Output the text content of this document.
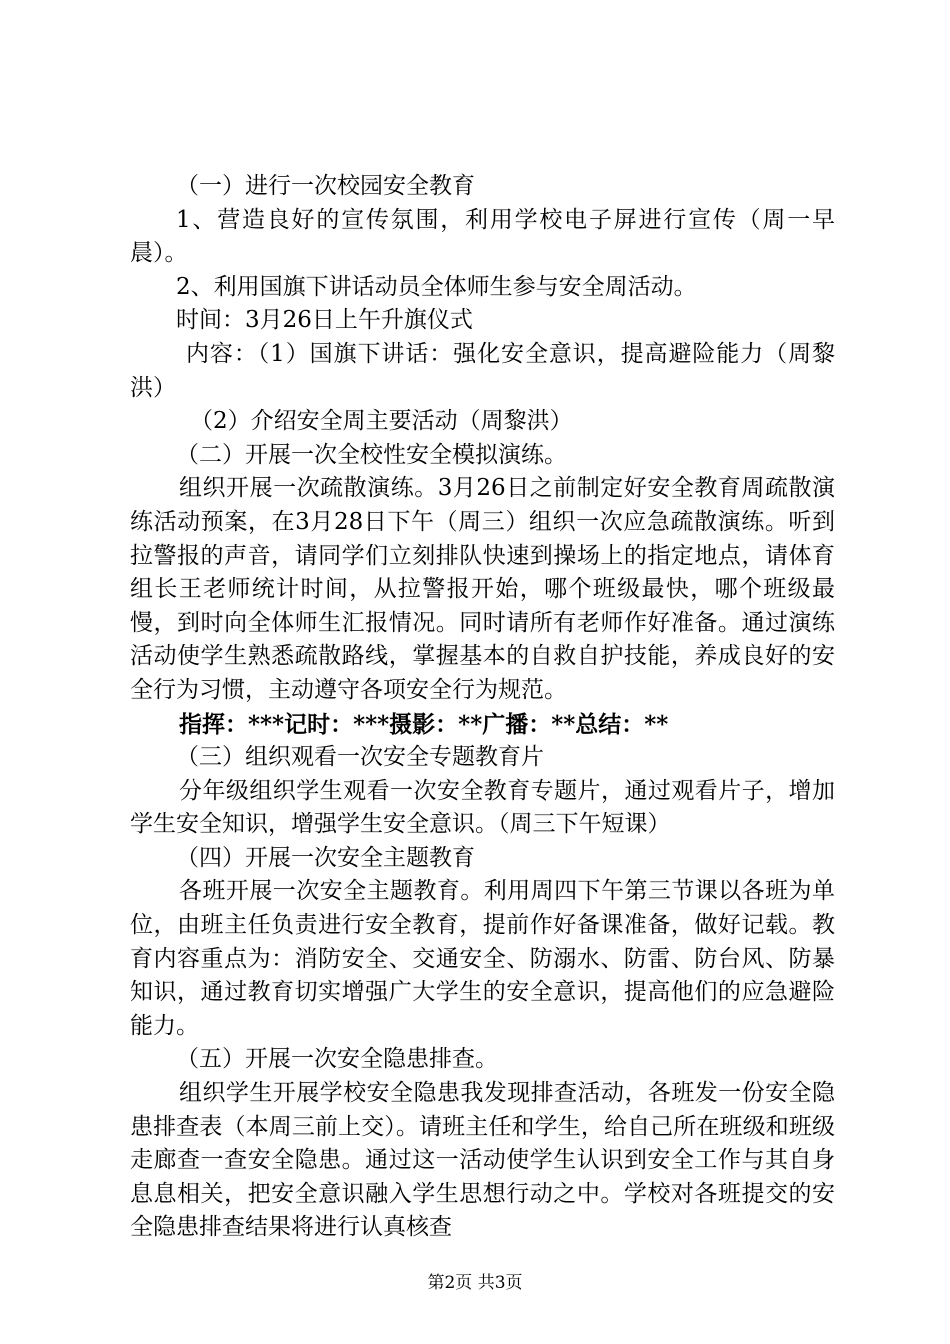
（一）进行一次校园安全教育

1、营造良好的宣传氛围，利用学校电子屏进行宣传（周一早晨）。

2、利用国旗下讲话动员全体师生参与安全周活动。

时间：3月26日上午升旗仪式

内容：（1）国旗下讲话：强化安全意识，提高避险能力（周黎洪）

（2）介绍安全周主要活动（周黎洪）

（二）开展一次全校性安全模拟演练。

组织开展一次疏散演练。3月26日之前制定好安全教育周疏散演练活动预案，在3月28日下午（周三）组织一次应急疏散演练。听到拉警报的声音，请同学们立刻排队快速到操场上的指定地点，请体育组长王老师统计时间，从拉警报开始，哪个班级最快，哪个班级最慢，到时向全体师生汇报情况。同时请所有老师作好准备。通过演练活动使学生熟悉疏散路线，掌握基本的自救自护技能，养成良好的安全行为习惯，主动遵守各项安全行为规范。

指挥：***记时：***摄影：**广播：**总结：**

（三）组织观看一次安全专题教育片

分年级组织学生观看一次安全教育专题片，通过观看片子，增加学生安全知识，增强学生安全意识。（周三下午短课）

（四）开展一次安全主题教育

各班开展一次安全主题教育。利用周四下午第三节课以各班为单位，由班主任负责进行安全教育，提前作好备课准备，做好记载。教育内容重点为：消防安全、交通安全、防溺水、防雷、防台风、防暴知识，通过教育切实增强广大学生的安全意识，提高他们的应急避险能力。

（五）开展一次安全隐患排查。

组织学生开展学校安全隐患我发现排查活动，各班发一份安全隐患排查表（本周三前上交）。请班主任和学生，给自己所在班级和班级走廊查一查安全隐患。通过这一活动使学生认识到安全工作与其自身息息相关，把安全意识融入学生思想行动之中。学校对各班提交的安全隐患排查结果将进行认真核查

第2页 共3页
